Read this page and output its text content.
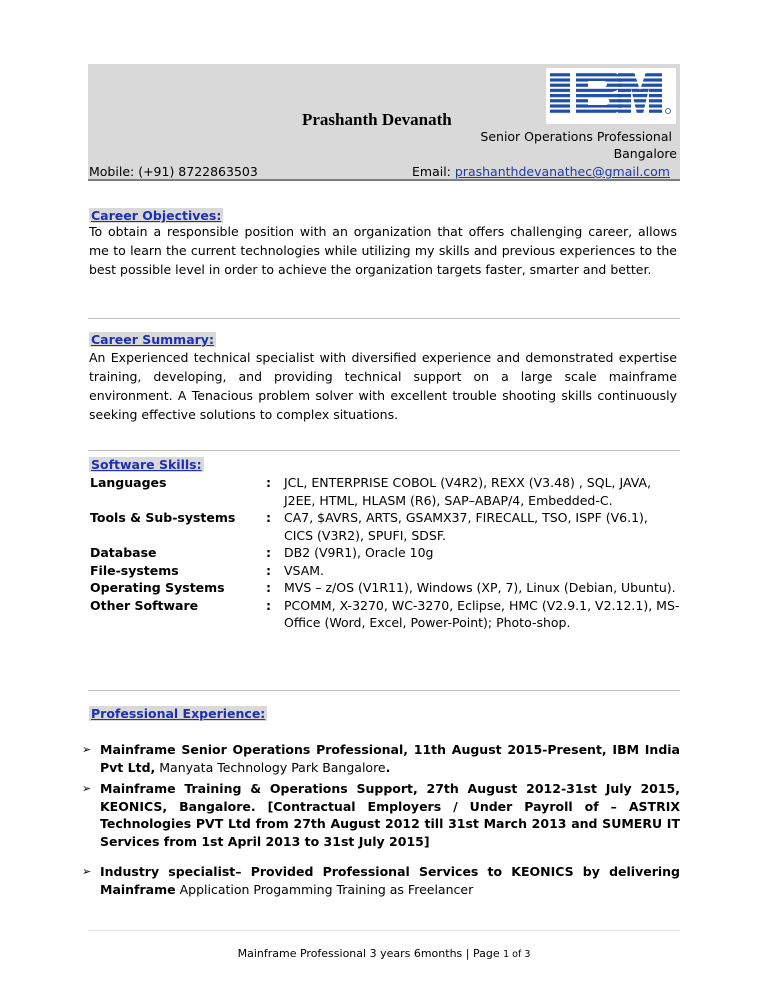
Prashanth Devanath
Senior Operations Professional
Bangalore
Mobile: (+91) 8722863503	Email: prashanthdevanathec@gmail.com
Career Objectives:
To obtain a responsible position with an organization that offers challenging career, allows me to learn the current technologies while utilizing my skills and previous experiences to the best possible level in order to achieve the organization targets faster, smarter and better.
Career Summary:
An Experienced technical specialist with diversified experience and demonstrated expertise training, developing, and providing technical support on a large scale mainframe environment. A Tenacious problem solver with excellent trouble shooting skills continuously seeking effective solutions to complex situations.
Software Skills:
Languages	:	JCL, ENTERPRISE COBOL (V4R2), REXX (V3.48) , SQL, JAVA, J2EE, HTML, HLASM (R6), SAP–ABAP/4, Embedded-C.
Tools & Sub-systems	:	CA7, $AVRS, ARTS, GSAMX37, FIRECALL, TSO, ISPF (V6.1), CICS (V3R2), SPUFI, SDSF.
Database	:	DB2 (V9R1), Oracle 10g
File-systems	:	VSAM.
Operating Systems	:	MVS – z/OS (V1R11), Windows (XP, 7), Linux (Debian, Ubuntu).
Other Software	:	PCOMM, X-3270, WC-3270, Eclipse, HMC (V2.9.1, V2.12.1), MS- Office (Word, Excel, Power-Point); Photo-shop.
Professional Experience:
➢ Mainframe Senior Operations Professional, 11th August 2015-Present, IBM India Pvt Ltd, Manyata Technology Park Bangalore.
➢ Mainframe Training & Operations Support, 27th August 2012-31st July 2015, KEONICS, Bangalore. [Contractual Employers / Under Payroll of – ASTRIX Technologies PVT Ltd from 27th August 2012 till 31st March 2013 and SUMERU IT Services from 1st April 2013 to 31st July 2015]
➢ Industry specialist– Provided Professional Services to KEONICS by delivering Mainframe Application Progamming Training as Freelancer
Mainframe Professional 3 years 6months | Page 1 of 3
